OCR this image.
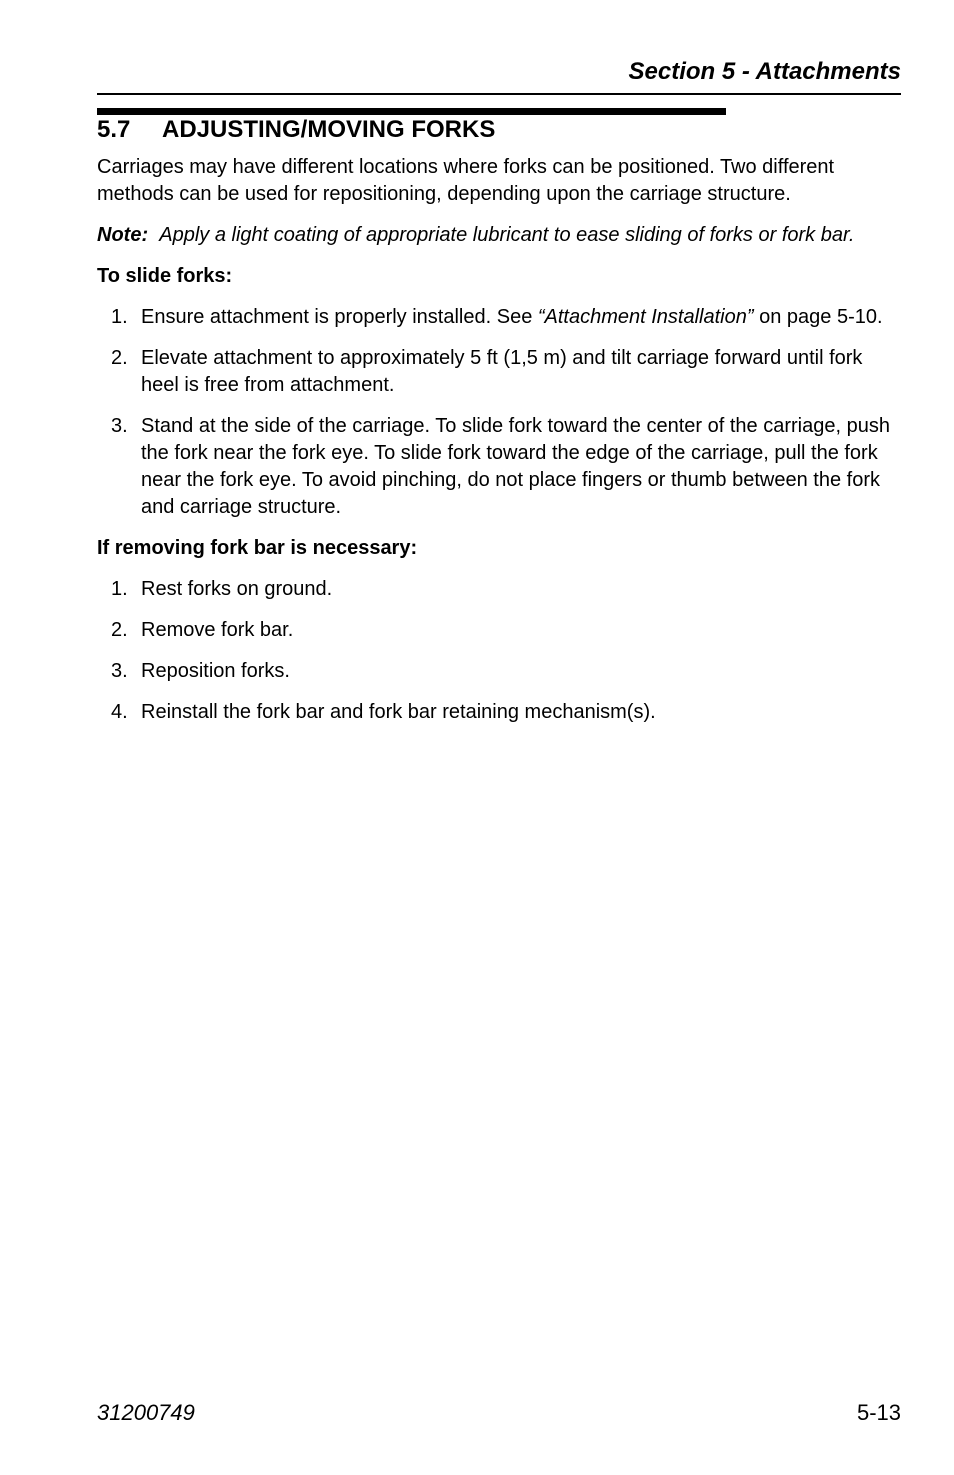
Section 5 - Attachments
5.7 ADJUSTING/MOVING FORKS

Carriages may have different locations where forks can be positioned. Two different methods can be used for repositioning, depending upon the carriage structure.

Note: Apply a light coating of appropriate lubricant to ease sliding of forks or fork bar.

To slide forks:

1. Ensure attachment is properly installed. See “Attachment Installation” on page 5-10.
2. Elevate attachment to approximately 5 ft (1,5 m) and tilt carriage forward until fork heel is free from attachment.
3. Stand at the side of the carriage. To slide fork toward the center of the carriage, push the fork near the fork eye. To slide fork toward the edge of the carriage, pull the fork near the fork eye. To avoid pinching, do not place fingers or thumb between the fork and carriage structure.

If removing fork bar is necessary:

1. Rest forks on ground.
2. Remove fork bar.
3. Reposition forks.
4. Reinstall the fork bar and fork bar retaining mechanism(s).
31200749	5-13
